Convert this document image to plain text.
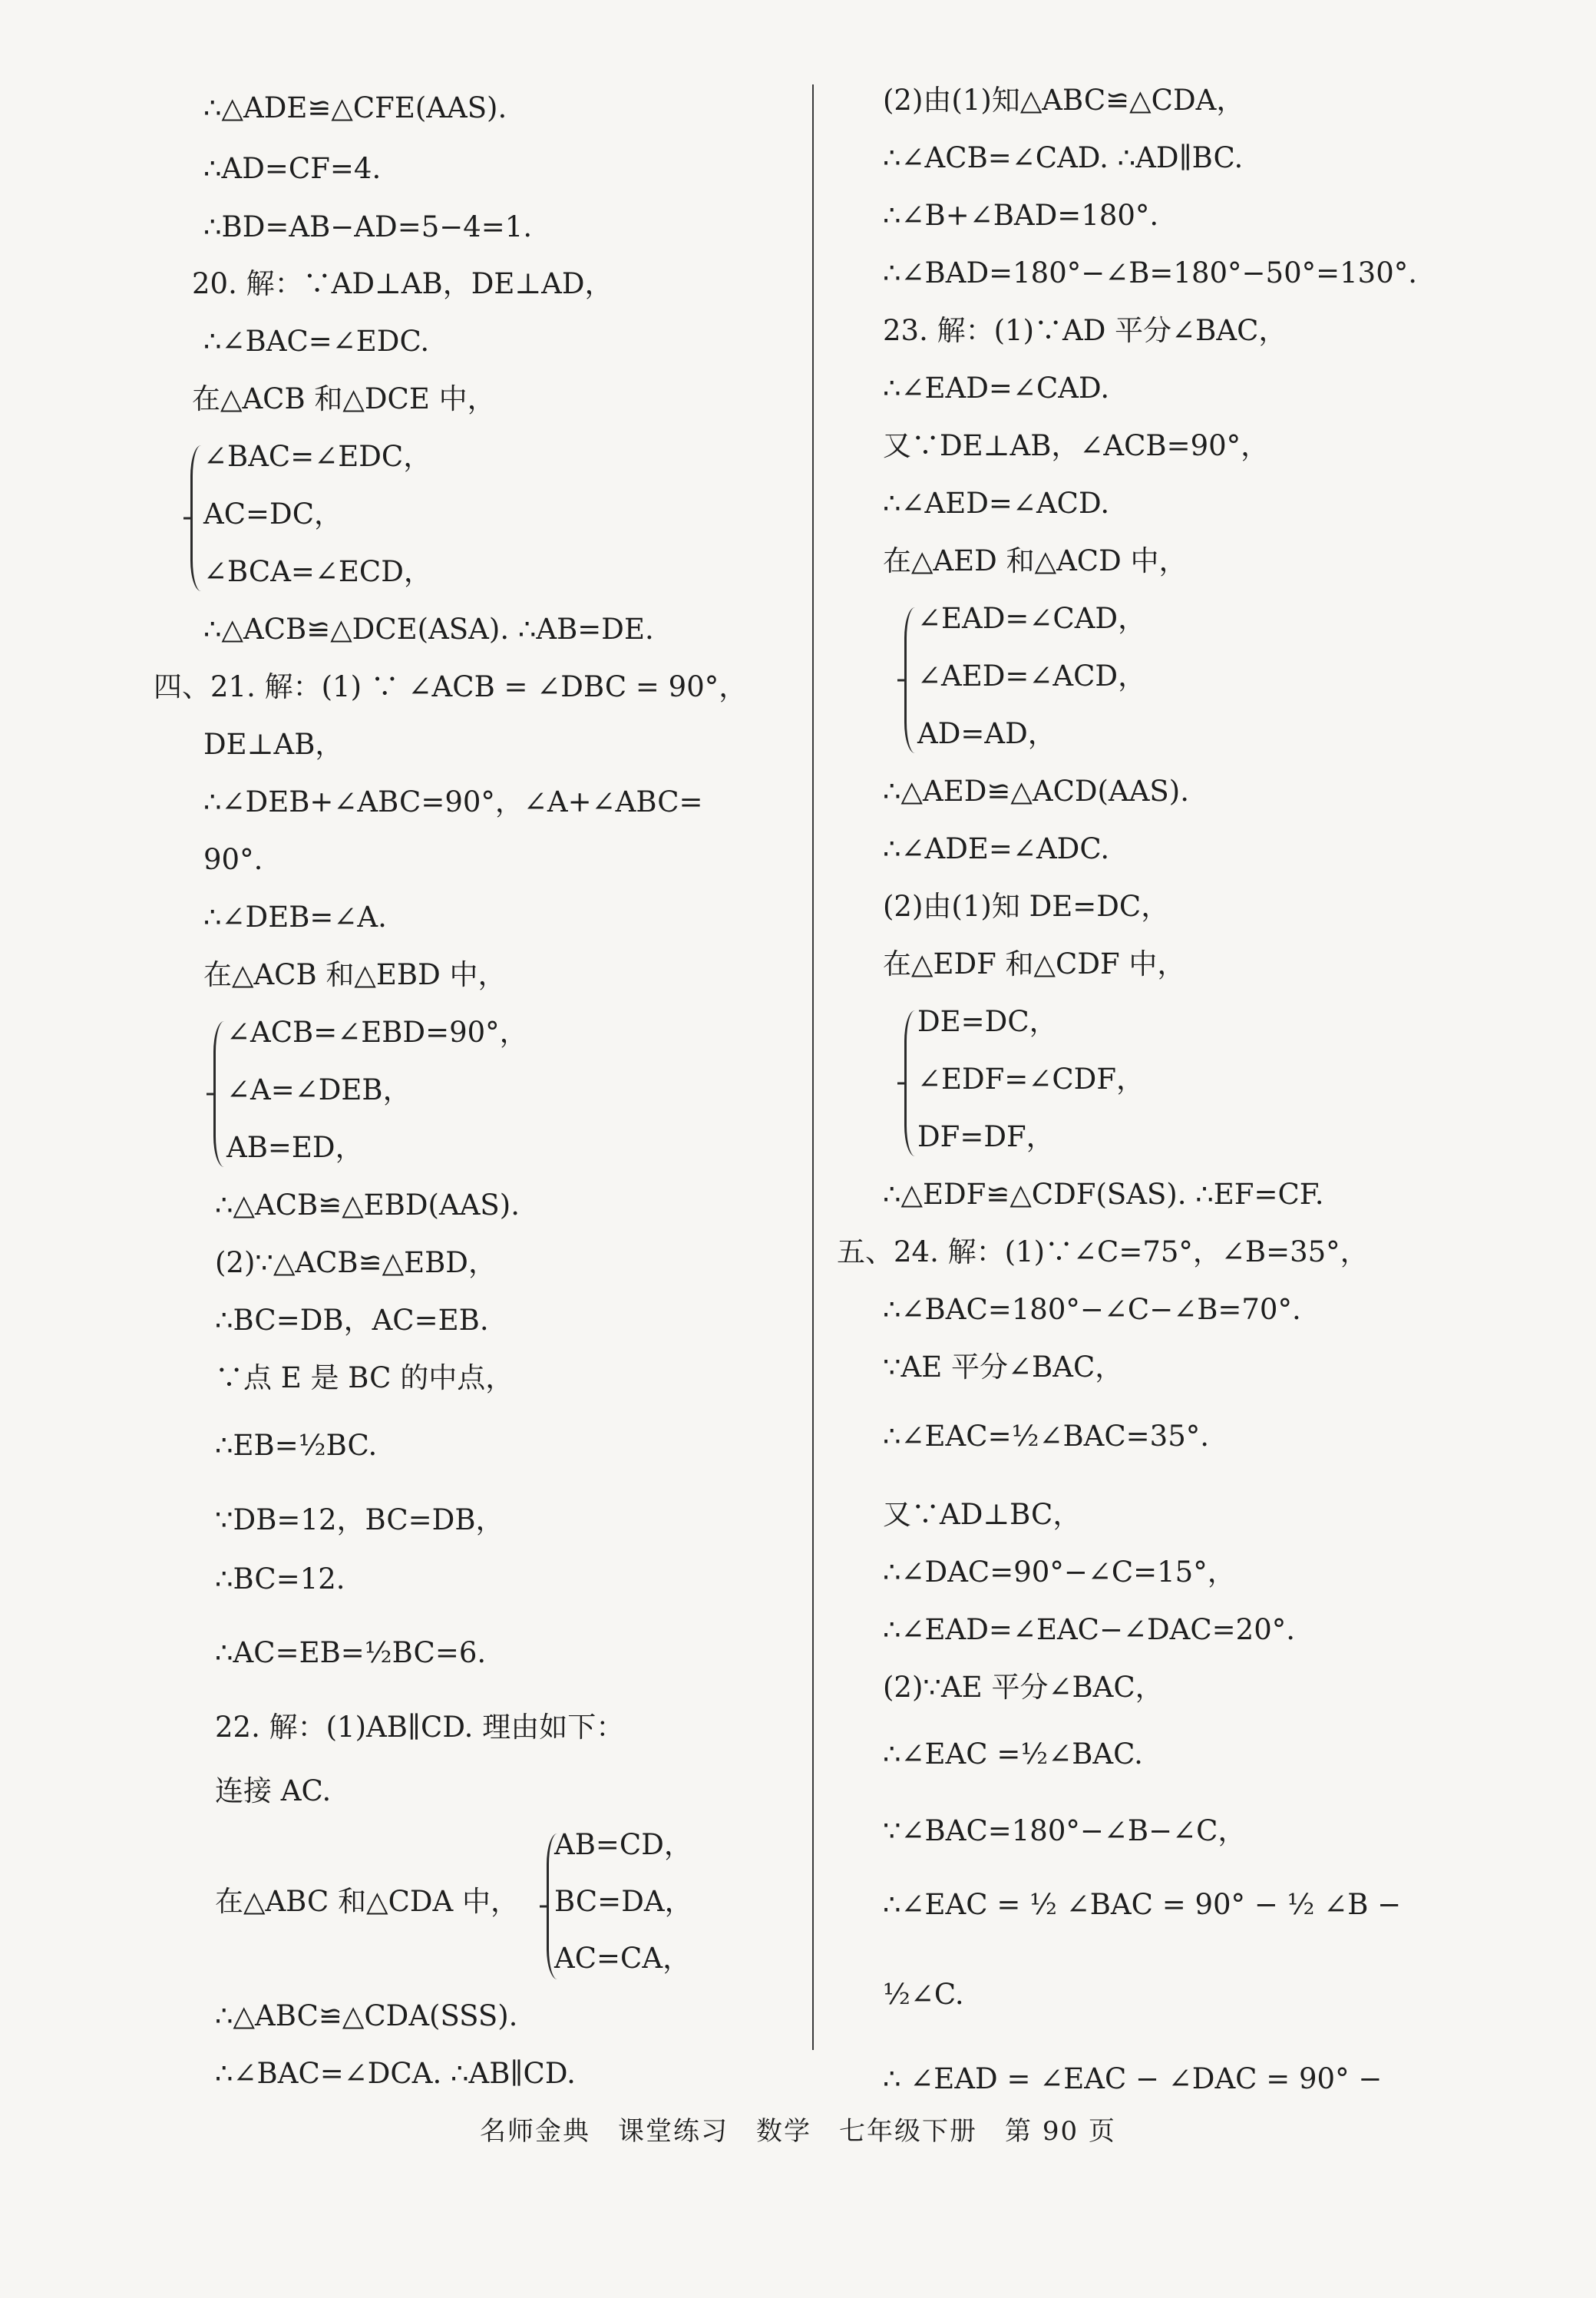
∴△ADE≌△CFE(AAS).
∴AD=CF=4.
∴BD=AB−AD=5−4=1.
20. 解：∵AD⊥AB，DE⊥AD，
∴∠BAC=∠EDC.
在△ACB 和△DCE 中，
∠BAC=∠EDC，
AC=DC，
∠BCA=∠ECD，
∴△ACB≌△DCE(ASA). ∴AB=DE.
四、21. 解：(1) ∵ ∠ACB = ∠DBC = 90°，
DE⊥AB，
∴∠DEB+∠ABC=90°，∠A+∠ABC=
90°.
∴∠DEB=∠A.
在△ACB 和△EBD 中，
∠ACB=∠EBD=90°，
∠A=∠DEB，
AB=ED，
∴△ACB≌△EBD(AAS).
(2)∵△ACB≌△EBD，
∴BC=DB，AC=EB.
∵点 E 是 BC 的中点，
∴EB=½BC.
∵DB=12，BC=DB，
∴BC=12.
∴AC=EB=½BC=6.
22. 解：(1)AB∥CD. 理由如下：
连接 AC.
AB=CD，
在△ABC 和△CDA 中， BC=DA，
AC=CA，
∴△ABC≌△CDA(SSS).
∴∠BAC=∠DCA. ∴AB∥CD.
(2)由(1)知△ABC≌△CDA，
∴∠ACB=∠CAD. ∴AD∥BC.
∴∠B+∠BAD=180°.
∴∠BAD=180°−∠B=180°−50°=130°.
23. 解：(1)∵AD 平分∠BAC，
∴∠EAD=∠CAD.
又∵DE⊥AB，∠ACB=90°，
∴∠AED=∠ACD.
在△AED 和△ACD 中，
∠EAD=∠CAD，
∠AED=∠ACD，
AD=AD，
∴△AED≌△ACD(AAS).
∴∠ADE=∠ADC.
(2)由(1)知 DE=DC，
在△EDF 和△CDF 中，
DE=DC，
∠EDF=∠CDF，
DF=DF，
∴△EDF≌△CDF(SAS). ∴EF=CF.
五、24. 解：(1)∵∠C=75°，∠B=35°，
∴∠BAC=180°−∠C−∠B=70°.
∵AE 平分∠BAC，
∴∠EAC=½∠BAC=35°.
又∵AD⊥BC，
∴∠DAC=90°−∠C=15°，
∴∠EAD=∠EAC−∠DAC=20°.
(2)∵AE 平分∠BAC，
∴∠EAC =½∠BAC.
∵∠BAC=180°−∠B−∠C，
∴∠EAC = ½ ∠BAC = 90° − ½ ∠B −
½∠C.
∴ ∠EAD = ∠EAC − ∠DAC = 90° −
名师金典　课堂练习　数学　七年级下册　第 90 页
